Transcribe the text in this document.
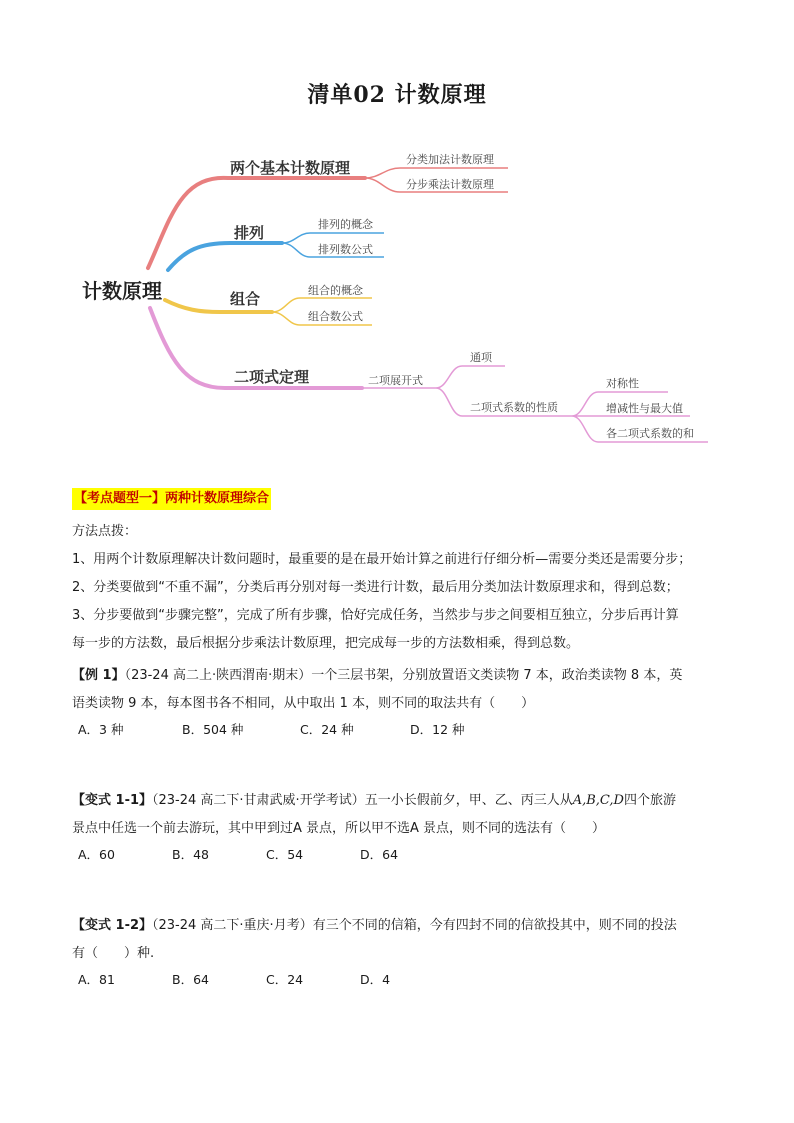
清单02 计数原理
计数原理
两个基本计数原理	分类加法计数原理
分步乘法计数原理
排列	排列的概念
排列数公式
组合	组合的概念
组合数公式
二项式定理	二项展开式
通项
二项式系数的性质
对称性
增减性与最大值
各二项式系数的和
【考点题型一】两种计数原理综合
方法点拨：
1、用两个计数原理解决计数问题时，最重要的是在最开始计算之前进行仔细分析—需要分类还是需要分步；
2、分类要做到“不重不漏”，分类后再分别对每一类进行计数，最后用分类加法计数原理求和，得到总数；
3、分步要做到“步骤完整”，完成了所有步骤，恰好完成任务，当然步与步之间要相互独立，分步后再计算
每一步的方法数，最后根据分步乘法计数原理，把完成每一步的方法数相乘，得到总数。
【例 1】（23-24 高二上·陕西渭南·期末）一个三层书架，分别放置语文类读物 7 本，政治类读物 8 本，英
语类读物 9 本，每本图书各不相同，从中取出 1 本，则不同的取法共有（　　）
A．3 种	B．504 种	C．24 种	D．12 种
【变式 1-1】（23-24 高二下·甘肃武威·开学考试）五一小长假前夕，甲、乙、丙三人从A,B,C,D四个旅游
景点中任选一个前去游玩，其中甲到过A 景点，所以甲不选A 景点，则不同的选法有（　　）
A．60	B．48	C．54	D．64
【变式 1-2】（23-24 高二下·重庆·月考）有三个不同的信箱，今有四封不同的信欲投其中，则不同的投法
有（　　）种.
A．81	B．64	C．24	D．4
